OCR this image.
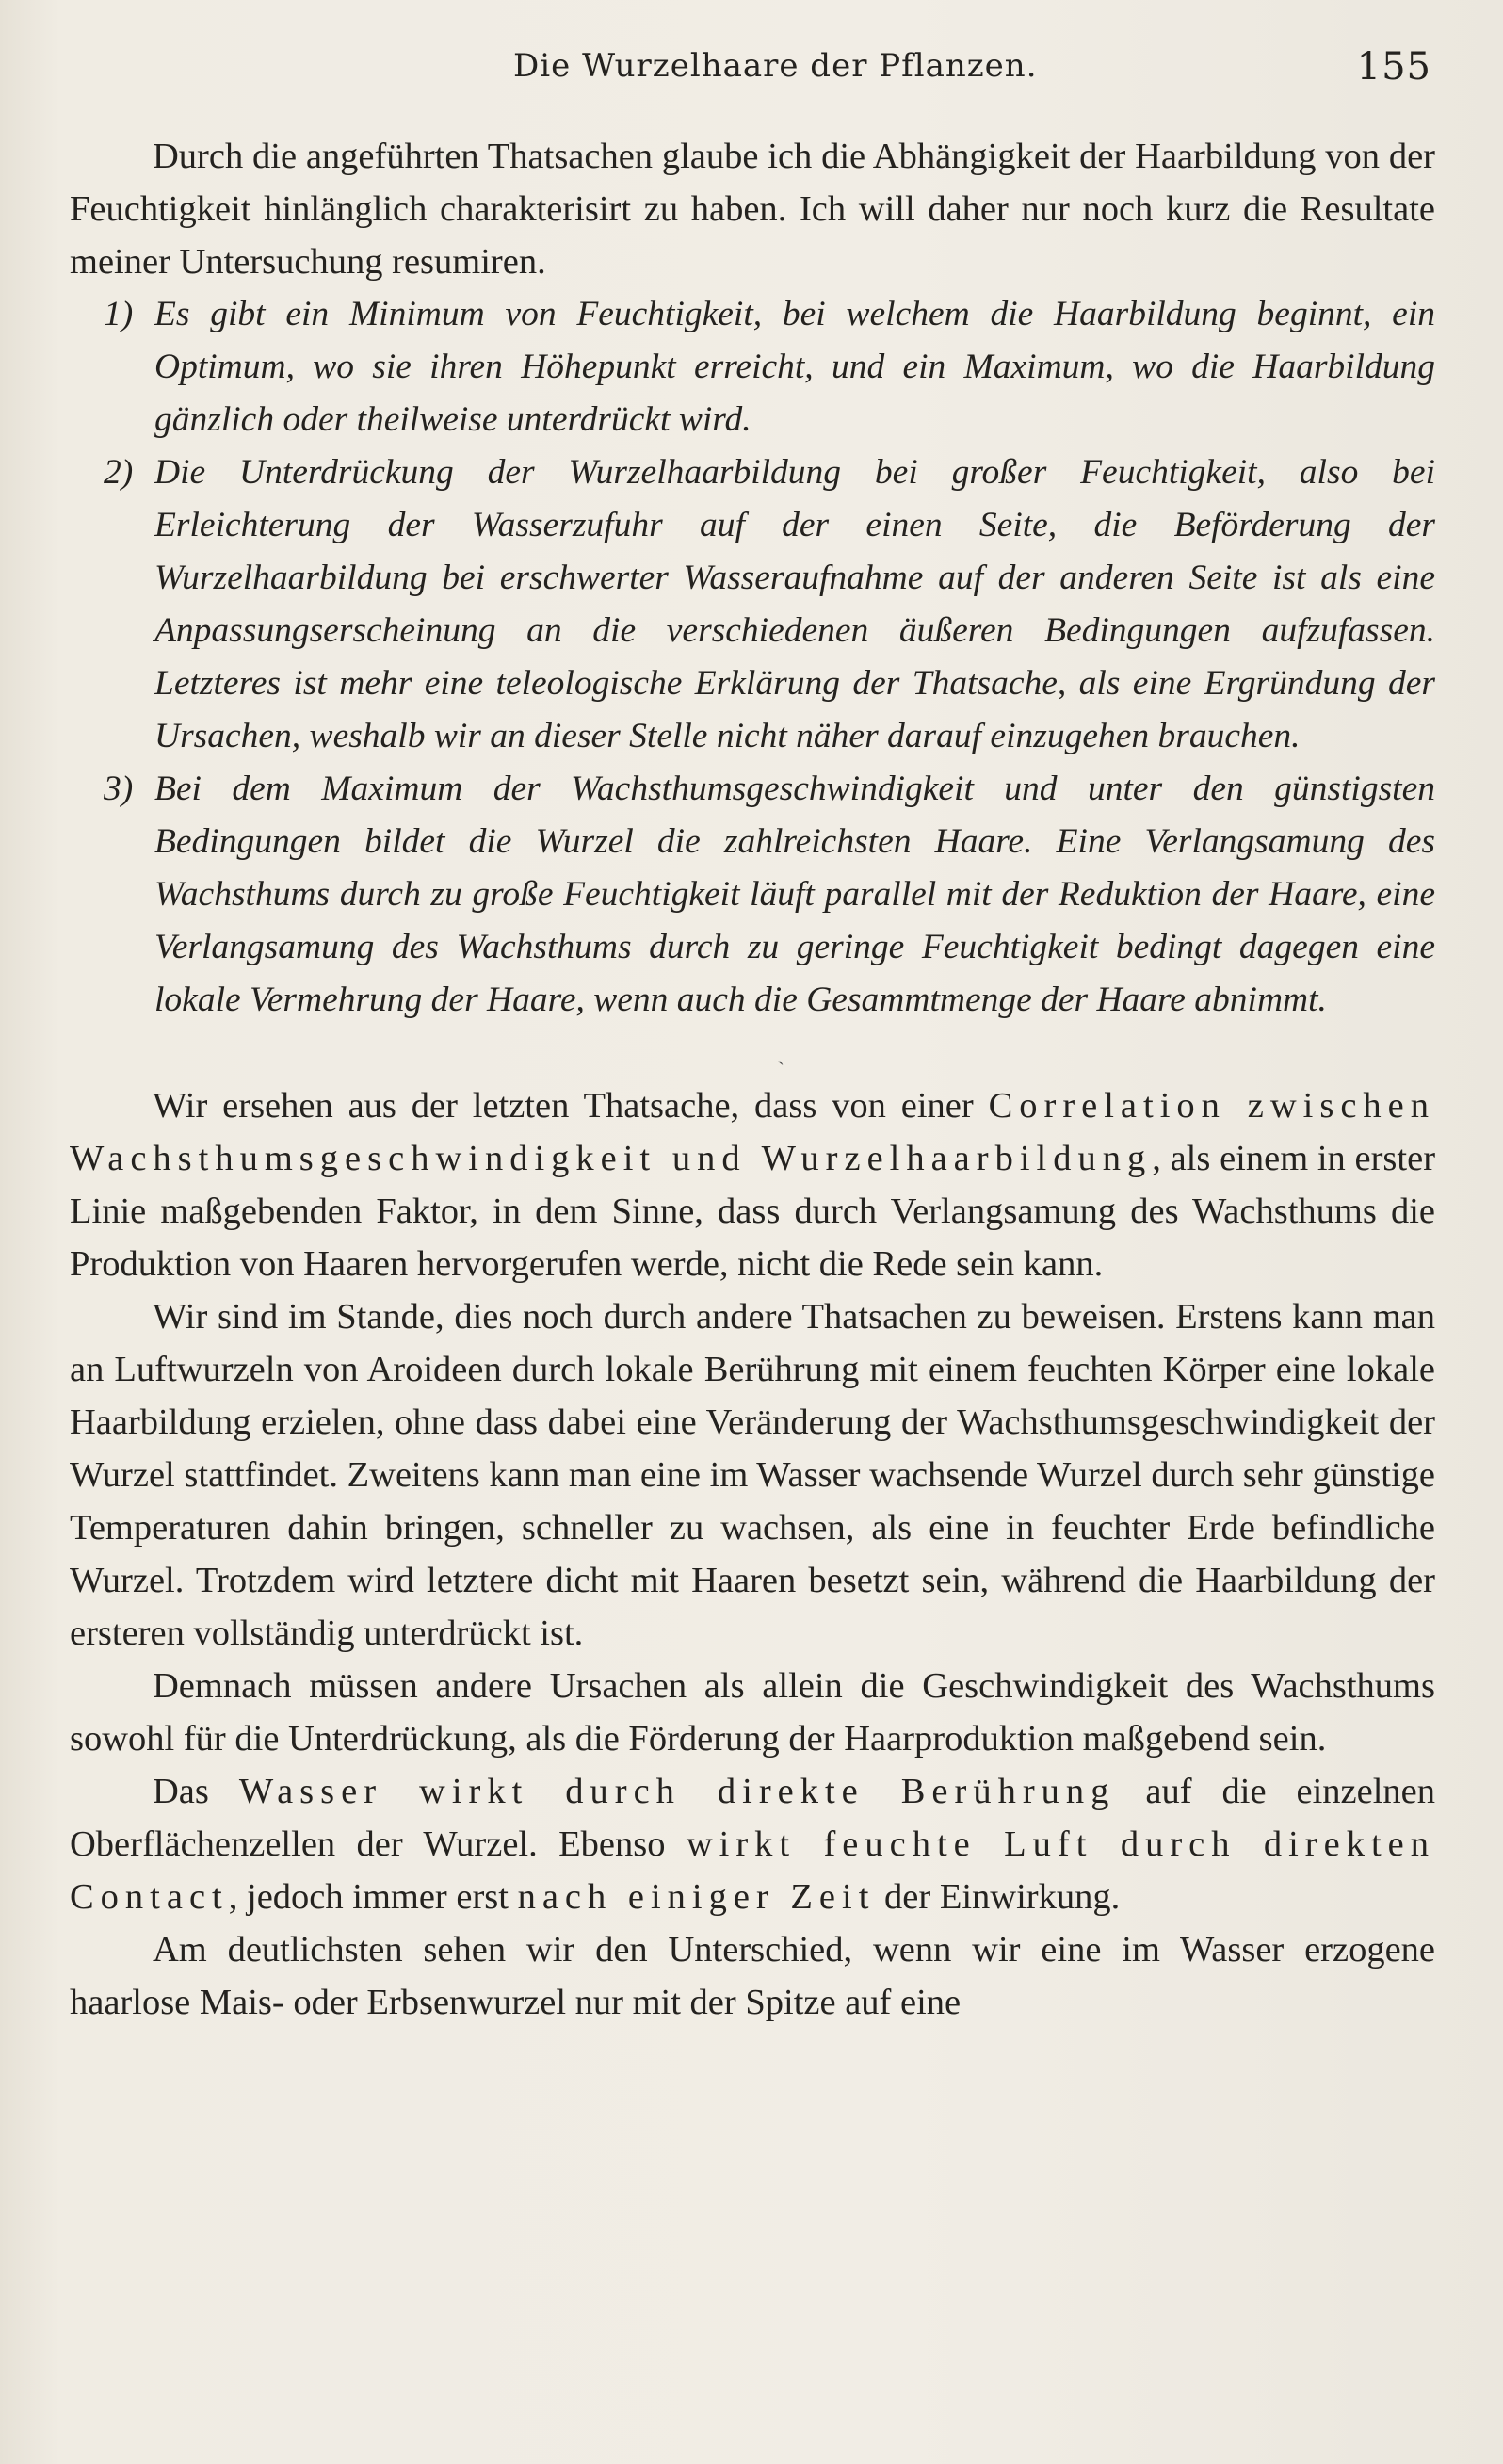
Die Wurzelhaare der Pflanzen.	155

Durch die angeführten Thatsachen glaube ich die Abhängigkeit der Haarbildung von der Feuchtigkeit hinlänglich charakterisirt zu haben. Ich will daher nur noch kurz die Resultate meiner Untersuchung resumiren.

1) Es gibt ein Minimum von Feuchtigkeit, bei welchem die Haarbildung beginnt, ein Optimum, wo sie ihren Höhepunkt erreicht, und ein Maximum, wo die Haarbildung gänzlich oder theilweise unterdrückt wird.
2) Die Unterdrückung der Wurzelhaarbildung bei großer Feuchtigkeit, also bei Erleichterung der Wasserzufuhr auf der einen Seite, die Beförderung der Wurzelhaarbildung bei erschwerter Wasseraufnahme auf der anderen Seite ist als eine Anpassungserscheinung an die verschiedenen äußeren Bedingungen aufzufassen. Letzteres ist mehr eine teleologische Erklärung der Thatsache, als eine Ergründung der Ursachen, weshalb wir an dieser Stelle nicht näher darauf einzugehen brauchen.
3) Bei dem Maximum der Wachsthumsgeschwindigkeit und unter den günstigsten Bedingungen bildet die Wurzel die zahlreichsten Haare. Eine Verlangsamung des Wachsthums durch zu große Feuchtigkeit läuft parallel mit der Reduktion der Haare, eine Verlangsamung des Wachsthums durch zu geringe Feuchtigkeit bedingt dagegen eine lokale Vermehrung der Haare, wenn auch die Gesammtmenge der Haare abnimmt.
ˏ

Wir ersehen aus der letzten Thatsache, dass von einer Correlation zwischen Wachsthumsgeschwindigkeit und Wurzelhaarbildung, als einem in erster Linie maßgebenden Faktor, in dem Sinne, dass durch Verlangsamung des Wachsthums die Produktion von Haaren hervorgerufen werde, nicht die Rede sein kann.

Wir sind im Stande, dies noch durch andere Thatsachen zu beweisen. Erstens kann man an Luftwurzeln von Aroideen durch lokale Berührung mit einem feuchten Körper eine lokale Haarbildung erzielen, ohne dass dabei eine Veränderung der Wachsthumsgeschwindigkeit der Wurzel stattfindet. Zweitens kann man eine im Wasser wachsende Wurzel durch sehr günstige Temperaturen dahin bringen, schneller zu wachsen, als eine in feuchter Erde befindliche Wurzel. Trotzdem wird letztere dicht mit Haaren besetzt sein, während die Haarbildung der ersteren vollständig unterdrückt ist.

Demnach müssen andere Ursachen als allein die Geschwindigkeit des Wachsthums sowohl für die Unterdrückung, als die Förderung der Haarproduktion maßgebend sein.

Das Wasser wirkt durch direkte Berührung auf die einzelnen Oberflächenzellen der Wurzel. Ebenso wirkt feuchte Luft durch direkten Contact, jedoch immer erst nach einiger Zeit der Einwirkung.

Am deutlichsten sehen wir den Unterschied, wenn wir eine im Wasser erzogene haarlose Mais- oder Erbsenwurzel nur mit der Spitze auf eine
